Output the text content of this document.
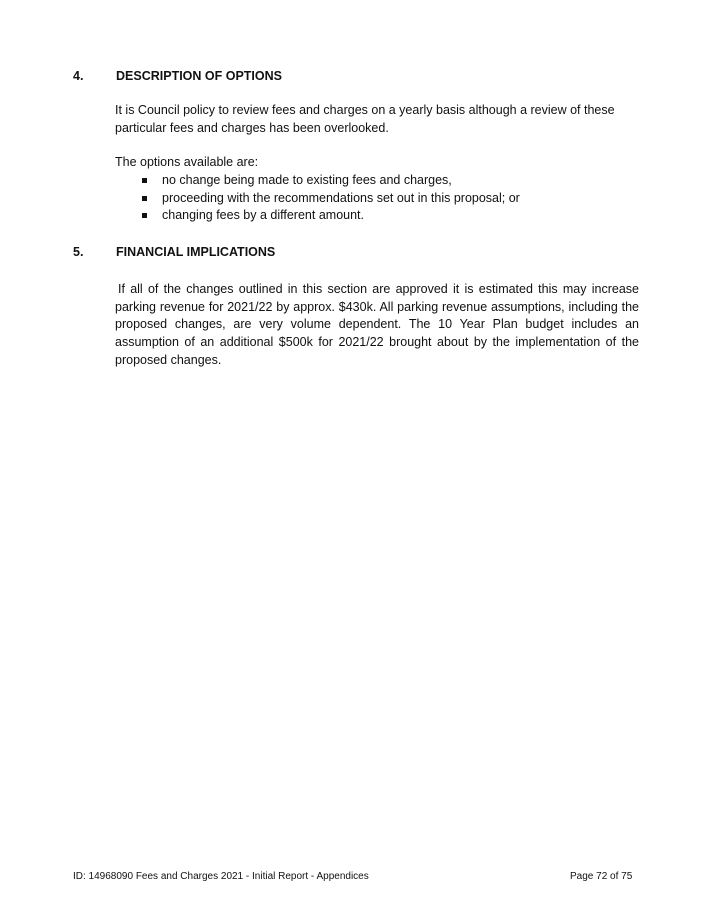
4.	DESCRIPTION OF OPTIONS
It is Council policy to review fees and charges on a yearly basis although a review of these particular fees and charges has been overlooked.
The options available are:
no change being made to existing fees and charges,
proceeding with the recommendations set out in this proposal; or
changing fees by a different amount.
5.	FINANCIAL IMPLICATIONS
If all of the changes outlined in this section are approved it is estimated this may increase parking revenue for 2021/22 by approx. $430k. All parking revenue assumptions, including the proposed changes, are very volume dependent. The 10 Year Plan budget includes an assumption of an additional $500k for 2021/22 brought about by the implementation of the proposed changes.
ID: 14968090 Fees and Charges 2021 - Initial Report - Appendices	Page 72 of 75
